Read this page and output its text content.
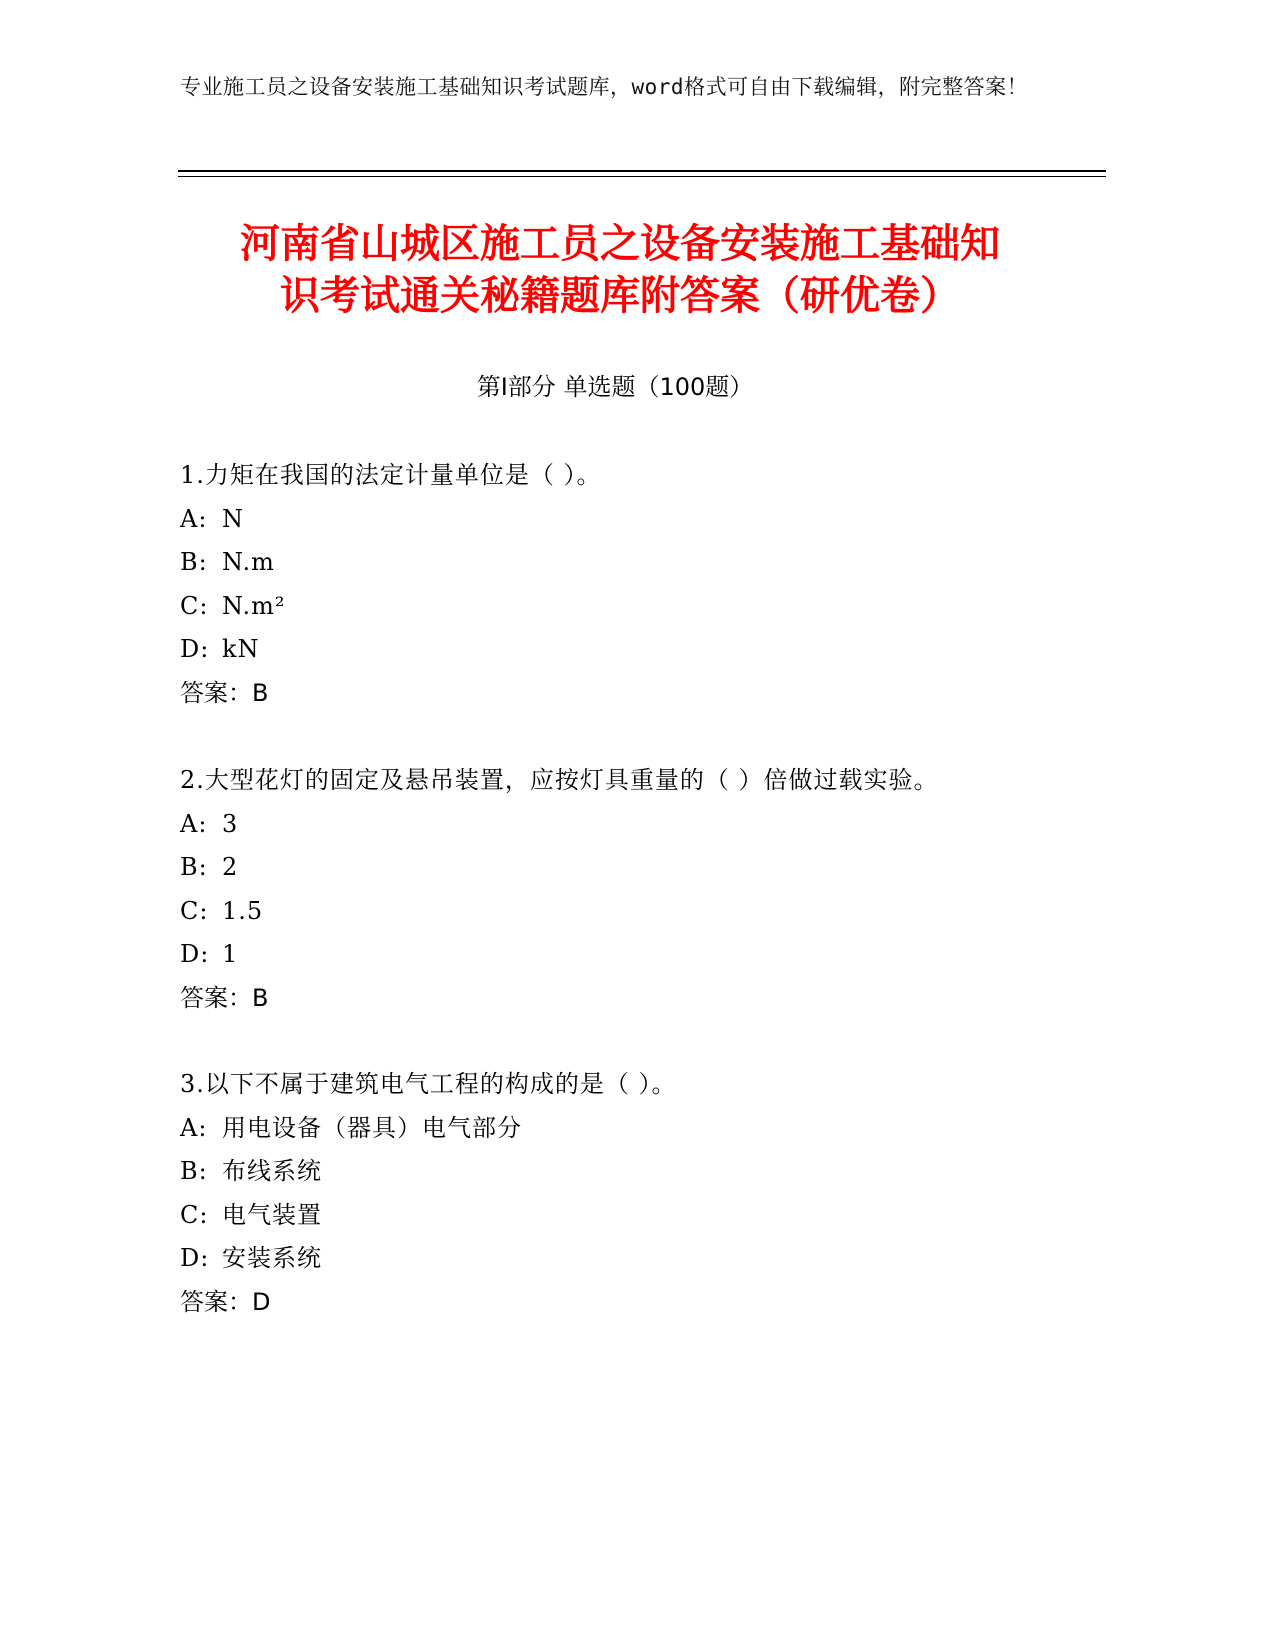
专业施工员之设备安装施工基础知识考试题库，word格式可自由下载编辑，附完整答案！
河南省山城区施工员之设备安装施工基础知
识考试通关秘籍题库附答案（研优卷）
第Ⅰ部分 单选题（100题）
1.力矩在我国的法定计量单位是（ ）。
A: N
B: N.m
C: N.m²
D: kN
答案：B
2.大型花灯的固定及悬吊装置，应按灯具重量的（ ）倍做过载实验。
A: 3
B: 2
C: 1.5
D: 1
答案：B
3.以下不属于建筑电气工程的构成的是（ ）。
A: 用电设备（器具）电气部分
B: 布线系统
C: 电气装置
D: 安装系统
答案：D
